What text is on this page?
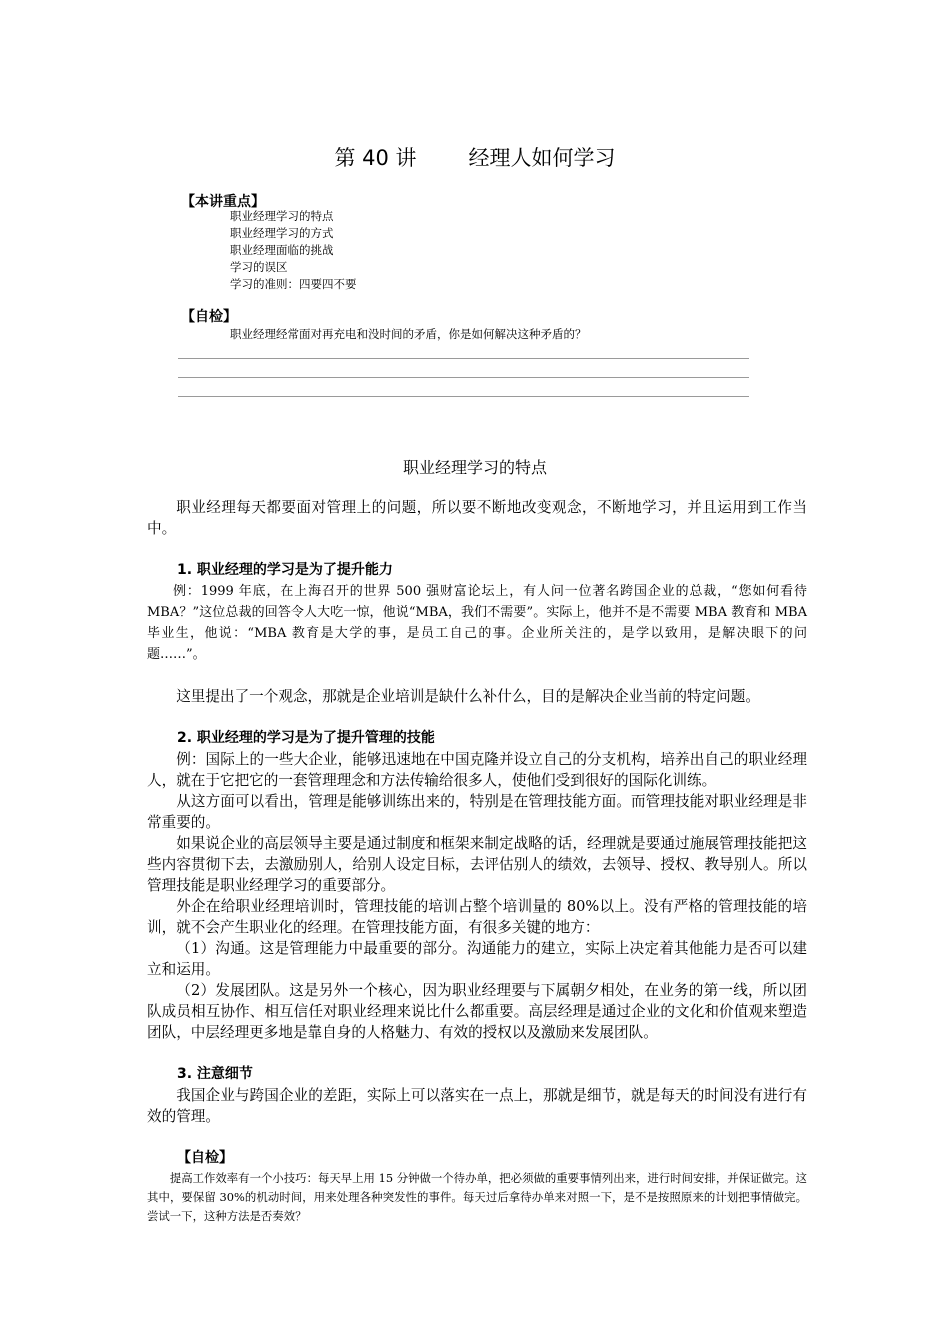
第 40 讲 经理人如何学习
【本讲重点】
职业经理学习的特点
职业经理学习的方式
职业经理面临的挑战
学习的误区
学习的准则：四要四不要
【自检】
职业经理经常面对再充电和没时间的矛盾，你是如何解决这种矛盾的？
职业经理学习的特点

职业经理每天都要面对管理上的问题，所以要不断地改变观念，不断地学习，并且运用到工作当中。

1. 职业经理的学习是为了提升能力

例：1999 年底，在上海召开的世界 500 强财富论坛上，有人问一位著名跨国企业的总裁，“您如何看待 MBA？”这位总裁的回答令人大吃一惊，他说“MBA，我们不需要”。实际上，他并不是不需要 MBA 教育和 MBA 毕业生，他说：“MBA 教育是大学的事，是员工自己的事。企业所关注的，是学以致用，是解决眼下的问题……”。

这里提出了一个观念，那就是企业培训是缺什么补什么，目的是解决企业当前的特定问题。

2. 职业经理的学习是为了提升管理的技能

例：国际上的一些大企业，能够迅速地在中国克隆并设立自己的分支机构，培养出自己的职业经理人，就在于它把它的一套管理理念和方法传输给很多人，使他们受到很好的国际化训练。

从这方面可以看出，管理是能够训练出来的，特别是在管理技能方面。而管理技能对职业经理是非常重要的。

如果说企业的高层领导主要是通过制度和框架来制定战略的话，经理就是要通过施展管理技能把这些内容贯彻下去，去激励别人，给别人设定目标，去评估别人的绩效，去领导、授权、教导别人。所以管理技能是职业经理学习的重要部分。

外企在给职业经理培训时，管理技能的培训占整个培训量的 80%以上。没有严格的管理技能的培训，就不会产生职业化的经理。在管理技能方面，有很多关键的地方：

（1）沟通。这是管理能力中最重要的部分。沟通能力的建立，实际上决定着其他能力是否可以建立和运用。

（2）发展团队。这是另外一个核心，因为职业经理要与下属朝夕相处，在业务的第一线，所以团队成员相互协作、相互信任对职业经理来说比什么都重要。高层经理是通过企业的文化和价值观来塑造团队，中层经理更多地是靠自身的人格魅力、有效的授权以及激励来发展团队。

3. 注意细节

我国企业与跨国企业的差距，实际上可以落实在一点上，那就是细节，就是每天的时间没有进行有效的管理。

【自检】

提高工作效率有一个小技巧：每天早上用 15 分钟做一个待办单，把必须做的重要事情列出来，进行时间安排，并保证做完。这其中，要保留 30%的机动时间，用来处理各种突发性的事件。每天过后拿待办单来对照一下，是不是按照原来的计划把事情做完。尝试一下，这种方法是否奏效？
